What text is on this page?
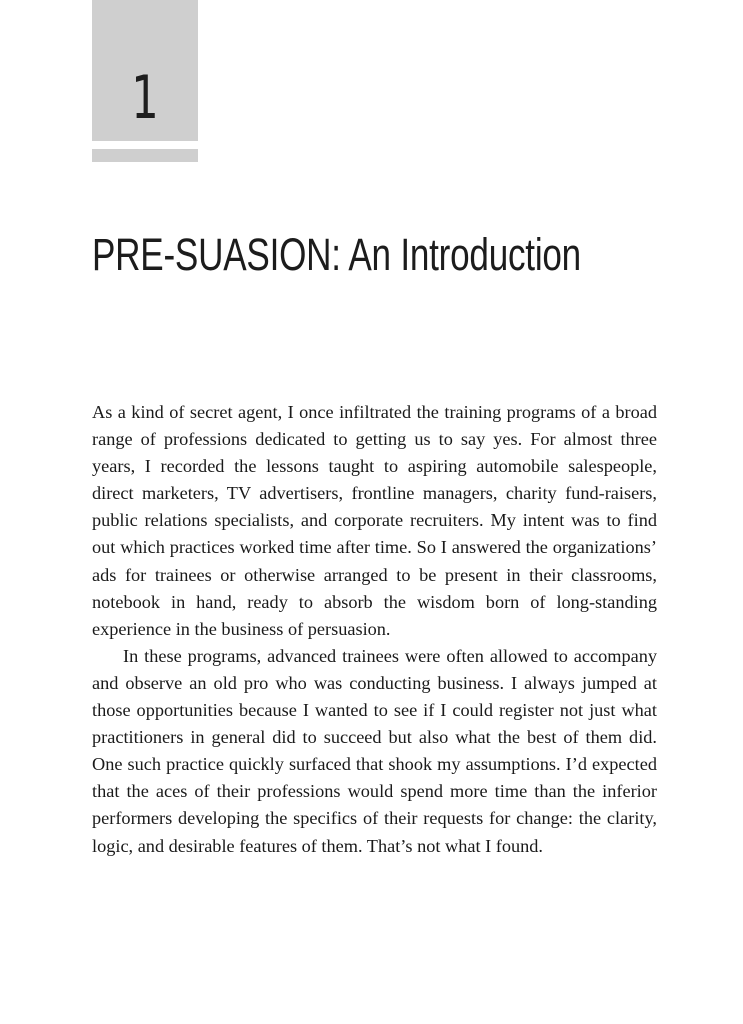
1
PRE-SUASION: An Introduction

As a kind of secret agent, I once infiltrated the training programs of a broad range of professions dedicated to getting us to say yes. For almost three years, I recorded the lessons taught to aspiring automobile salespeople, direct marketers, TV advertisers, frontline managers, charity fund-raisers, public relations specialists, and corporate recruiters. My intent was to find out which practices worked time after time. So I answered the organizations’ ads for trainees or otherwise arranged to be present in their classrooms, notebook in hand, ready to absorb the wisdom born of long-standing experience in the business of persuasion.

In these programs, advanced trainees were often allowed to accompany and observe an old pro who was conducting business. I always jumped at those opportunities because I wanted to see if I could register not just what practitioners in general did to succeed but also what the best of them did. One such practice quickly surfaced that shook my assumptions. I’d expected that the aces of their professions would spend more time than the inferior performers developing the specifics of their requests for change: the clarity, logic, and desirable features of them. That’s not what I found.
